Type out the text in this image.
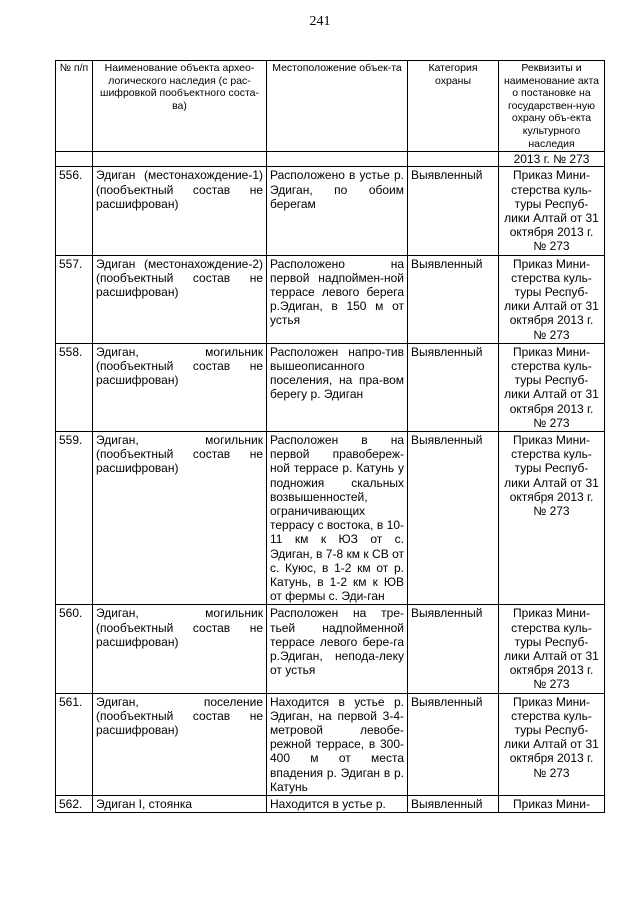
241
№ п/п	Наименование объекта архео-логического наследия (с рас-шифровкой пообъектного соста-ва)	Местоположение объек-та	Категория охраны	Реквизиты и наименование акта о постановке на государствен-ную охрану объ-екта культурного наследия
				2013 г. № 273
556.	Эдиган (местонахождение-1) (пообъектный состав не расшифрован)	Расположено в устье р. Эдиган, по обоим берегам	Выявленный	Приказ Мини-стерства куль-туры Респуб-лики Алтай от 31 октября 2013 г. № 273
557.	Эдиган (местонахождение-2) (пообъектный состав не расшифрован)	Расположено на первой надпоймен-ной террасе левого берега р.Эдиган, в 150 м от устья	Выявленный	Приказ Мини-стерства куль-туры Респуб-лики Алтай от 31 октября 2013 г. № 273
558.	Эдиган, могильник (пообъектный состав не расшифрован)	Расположен напро-тив вышеописанного поселения, на пра-вом берегу р. Эдиган	Выявленный	Приказ Мини-стерства куль-туры Респуб-лики Алтай от 31 октября 2013 г. № 273
559.	Эдиган, могильник (пообъектный состав не расшифрован)	Расположен в на первой правобереж-ной террасе р. Катунь у подножия скальных возвышенностей, ограничивающих террасу с востока, в 10-11 км к ЮЗ от с. Эдиган, в 7-8 км к СВ от с. Куюс, в 1-2 км от р. Катунь, в 1-2 км к ЮВ от фермы с. Эди-ган	Выявленный	Приказ Мини-стерства куль-туры Респуб-лики Алтай от 31 октября 2013 г. № 273
560.	Эдиган, могильник (пообъектный состав не расшифрован)	Расположен на тре-тьей надпойменной террасе левого бере-га р.Эдиган, непода-леку от устья	Выявленный	Приказ Мини-стерства куль-туры Респуб-лики Алтай от 31 октября 2013 г. № 273
561.	Эдиган, поселение (пообъектный состав не расшифрован)	Находится в устье р. Эдиган, на первой 3-4-метровой левобе-режной террасе, в 300-400 м от места впадения р. Эдиган в р. Катунь	Выявленный	Приказ Мини-стерства куль-туры Респуб-лики Алтай от 31 октября 2013 г. № 273
562.	Эдиган I, стоянка	Находится в устье р.	Выявленный	Приказ Мини-
